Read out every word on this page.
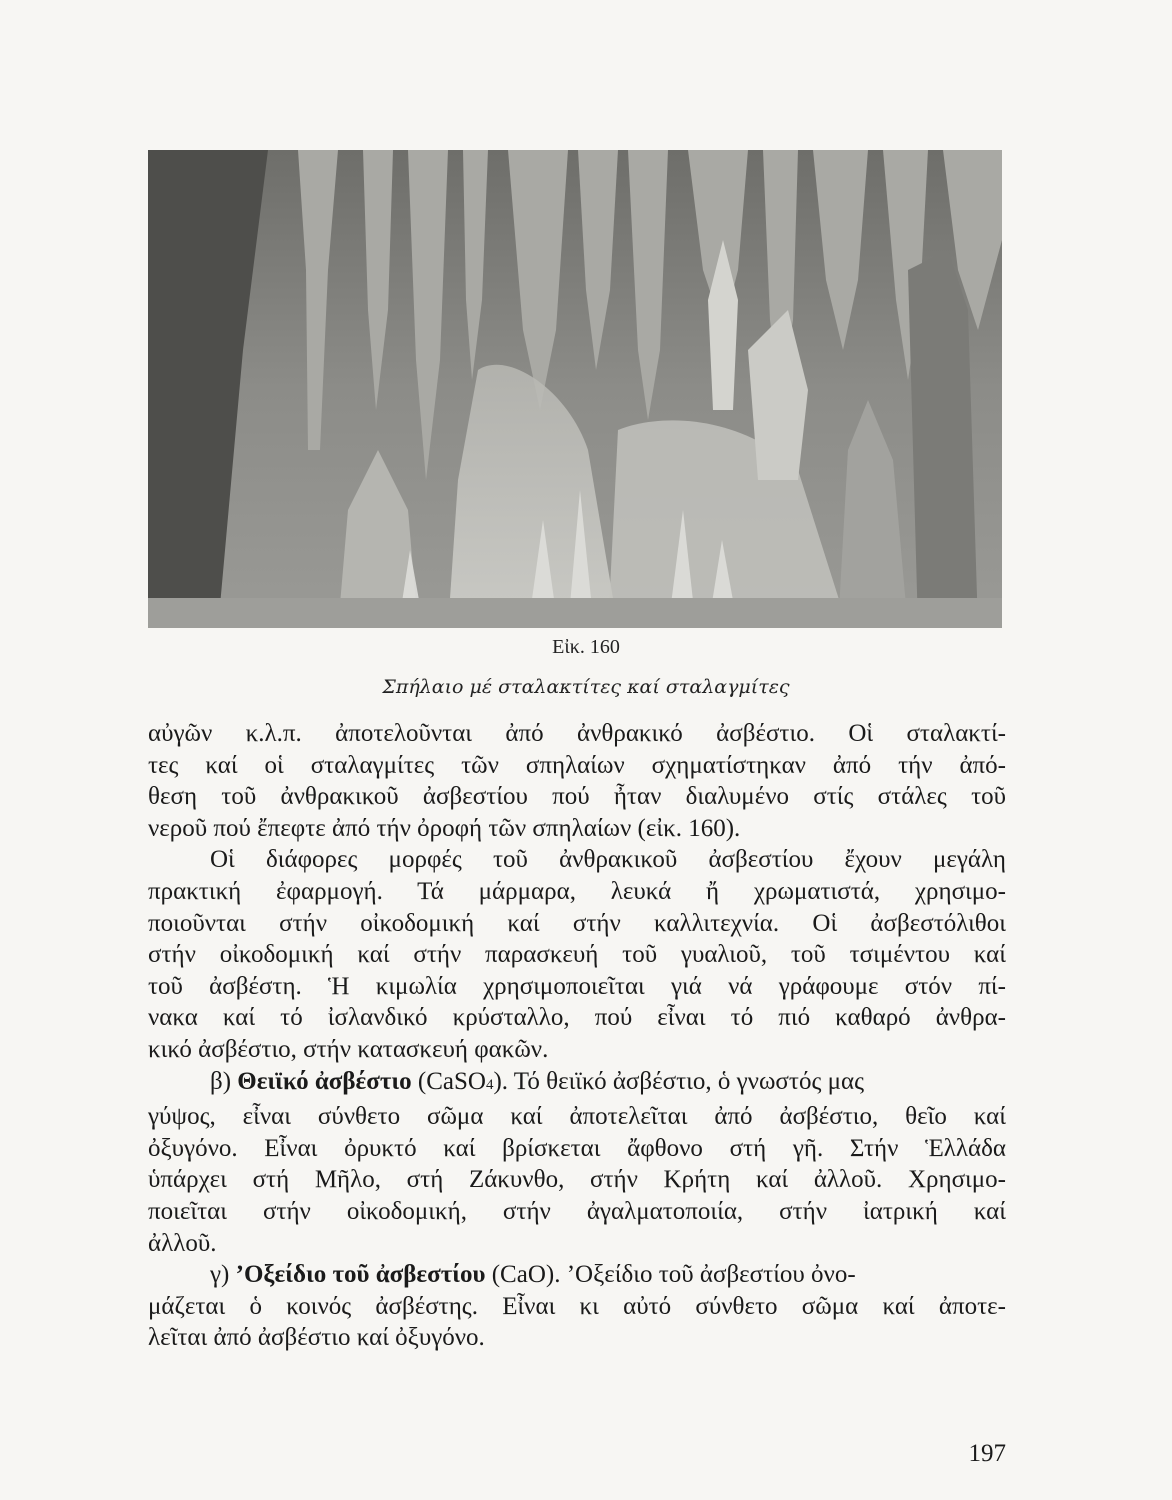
Εἰκ. 160
Σπήλαιο μέ σταλακτίτες καί σταλαγμίτες
αὐγῶν κ.λ.π. ἀποτελοῦνται ἀπό ἀνθρακικό ἀσβέστιο. Οἱ σταλακτί-
τες καί οἱ σταλαγμίτες τῶν σπηλαίων σχηματίστηκαν ἀπό τήν ἀπό-
θεση τοῦ ἀνθρακικοῦ ἀσβεστίου πού ἦταν διαλυμένο στίς στάλες τοῦ
νεροῦ πού ἔπεφτε ἀπό τήν ὀροφή τῶν σπηλαίων (εἰκ. 160).
Οἱ διάφορες μορφές τοῦ ἀνθρακικοῦ ἀσβεστίου ἔχουν μεγάλη
πρακτική ἐφαρμογή. Τά μάρμαρα, λευκά ἤ χρωματιστά, χρησιμο-
ποιοῦνται στήν οἰκοδομική καί στήν καλλιτεχνία. Οἱ ἀσβεστόλιθοι
στήν οἰκοδομική καί στήν παρασκευή τοῦ γυαλιοῦ, τοῦ τσιμέντου καί
τοῦ ἀσβέστη. Ἡ κιμωλία χρησιμοποιεῖται γιά νά γράφουμε στόν πί-
νακα καί τό ἰσλανδικό κρύσταλλο, πού εἶναι τό πιό καθαρό ἀνθρα-
κικό ἀσβέστιο, στήν κατασκευή φακῶν.
β) Θειϊκό ἀσβέστιο (CaSO4). Τό θειϊκό ἀσβέστιο, ὁ γνωστός μας
γύψος, εἶναι σύνθετο σῶμα καί ἀποτελεῖται ἀπό ἀσβέστιο, θεῖο καί
ὀξυγόνο. Εἶναι ὀρυκτό καί βρίσκεται ἄφθονο στή γῆ. Στήν Ἑλλάδα
ὑπάρχει στή Μῆλο, στή Ζάκυνθο, στήν Κρήτη καί ἀλλοῦ. Χρησιμο-
ποιεῖται στήν οἰκοδομική, στήν ἀγαλματοποιία, στήν ἰατρική καί
ἀλλοῦ.
γ) ’Οξείδιο τοῦ ἀσβεστίου (CaO). ’Οξείδιο τοῦ ἀσβεστίου ὀνο-
μάζεται ὁ κοινός ἀσβέστης. Εἶναι κι αὐτό σύνθετο σῶμα καί ἀποτε-
λεῖται ἀπό ἀσβέστιο καί ὀξυγόνο.
197
